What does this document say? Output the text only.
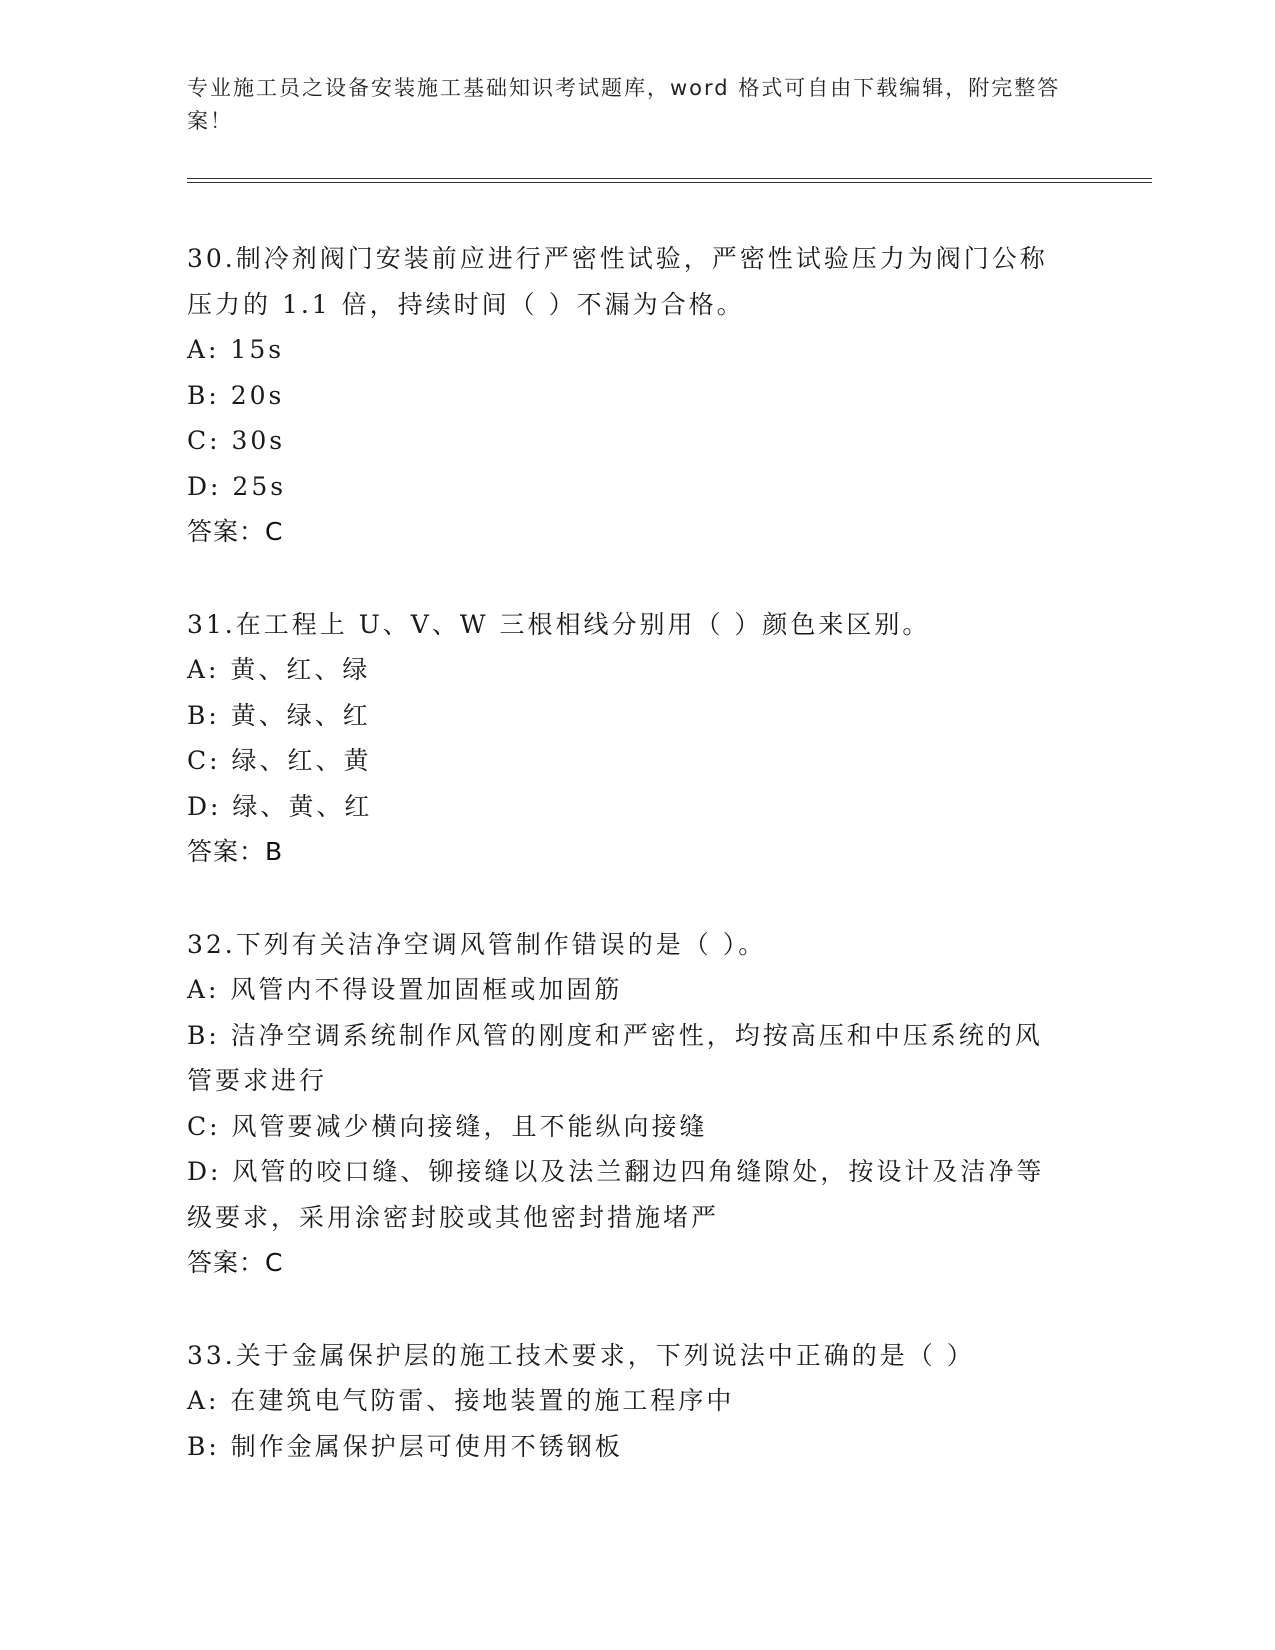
专业施工员之设备安装施工基础知识考试题库，word 格式可自由下载编辑，附完整答案！
30.制冷剂阀门安装前应进行严密性试验，严密性试验压力为阀门公称压力的 1.1 倍，持续时间（ ）不漏为合格。
A: 15s
B: 20s
C: 30s
D: 25s
答案：C
31.在工程上 U、V、W 三根相线分别用（ ）颜色来区别。
A: 黄、红、绿
B: 黄、绿、红
C: 绿、红、黄
D: 绿、黄、红
答案：B
32.下列有关洁净空调风管制作错误的是（ ）。
A: 风管内不得设置加固框或加固筋
B: 洁净空调系统制作风管的刚度和严密性，均按高压和中压系统的风管要求进行
C: 风管要减少横向接缝，且不能纵向接缝
D: 风管的咬口缝、铆接缝以及法兰翻边四角缝隙处，按设计及洁净等级要求，采用涂密封胶或其他密封措施堵严
答案：C
33.关于金属保护层的施工技术要求，下列说法中正确的是（ ）
A: 在建筑电气防雷、接地装置的施工程序中
B: 制作金属保护层可使用不锈钢板
